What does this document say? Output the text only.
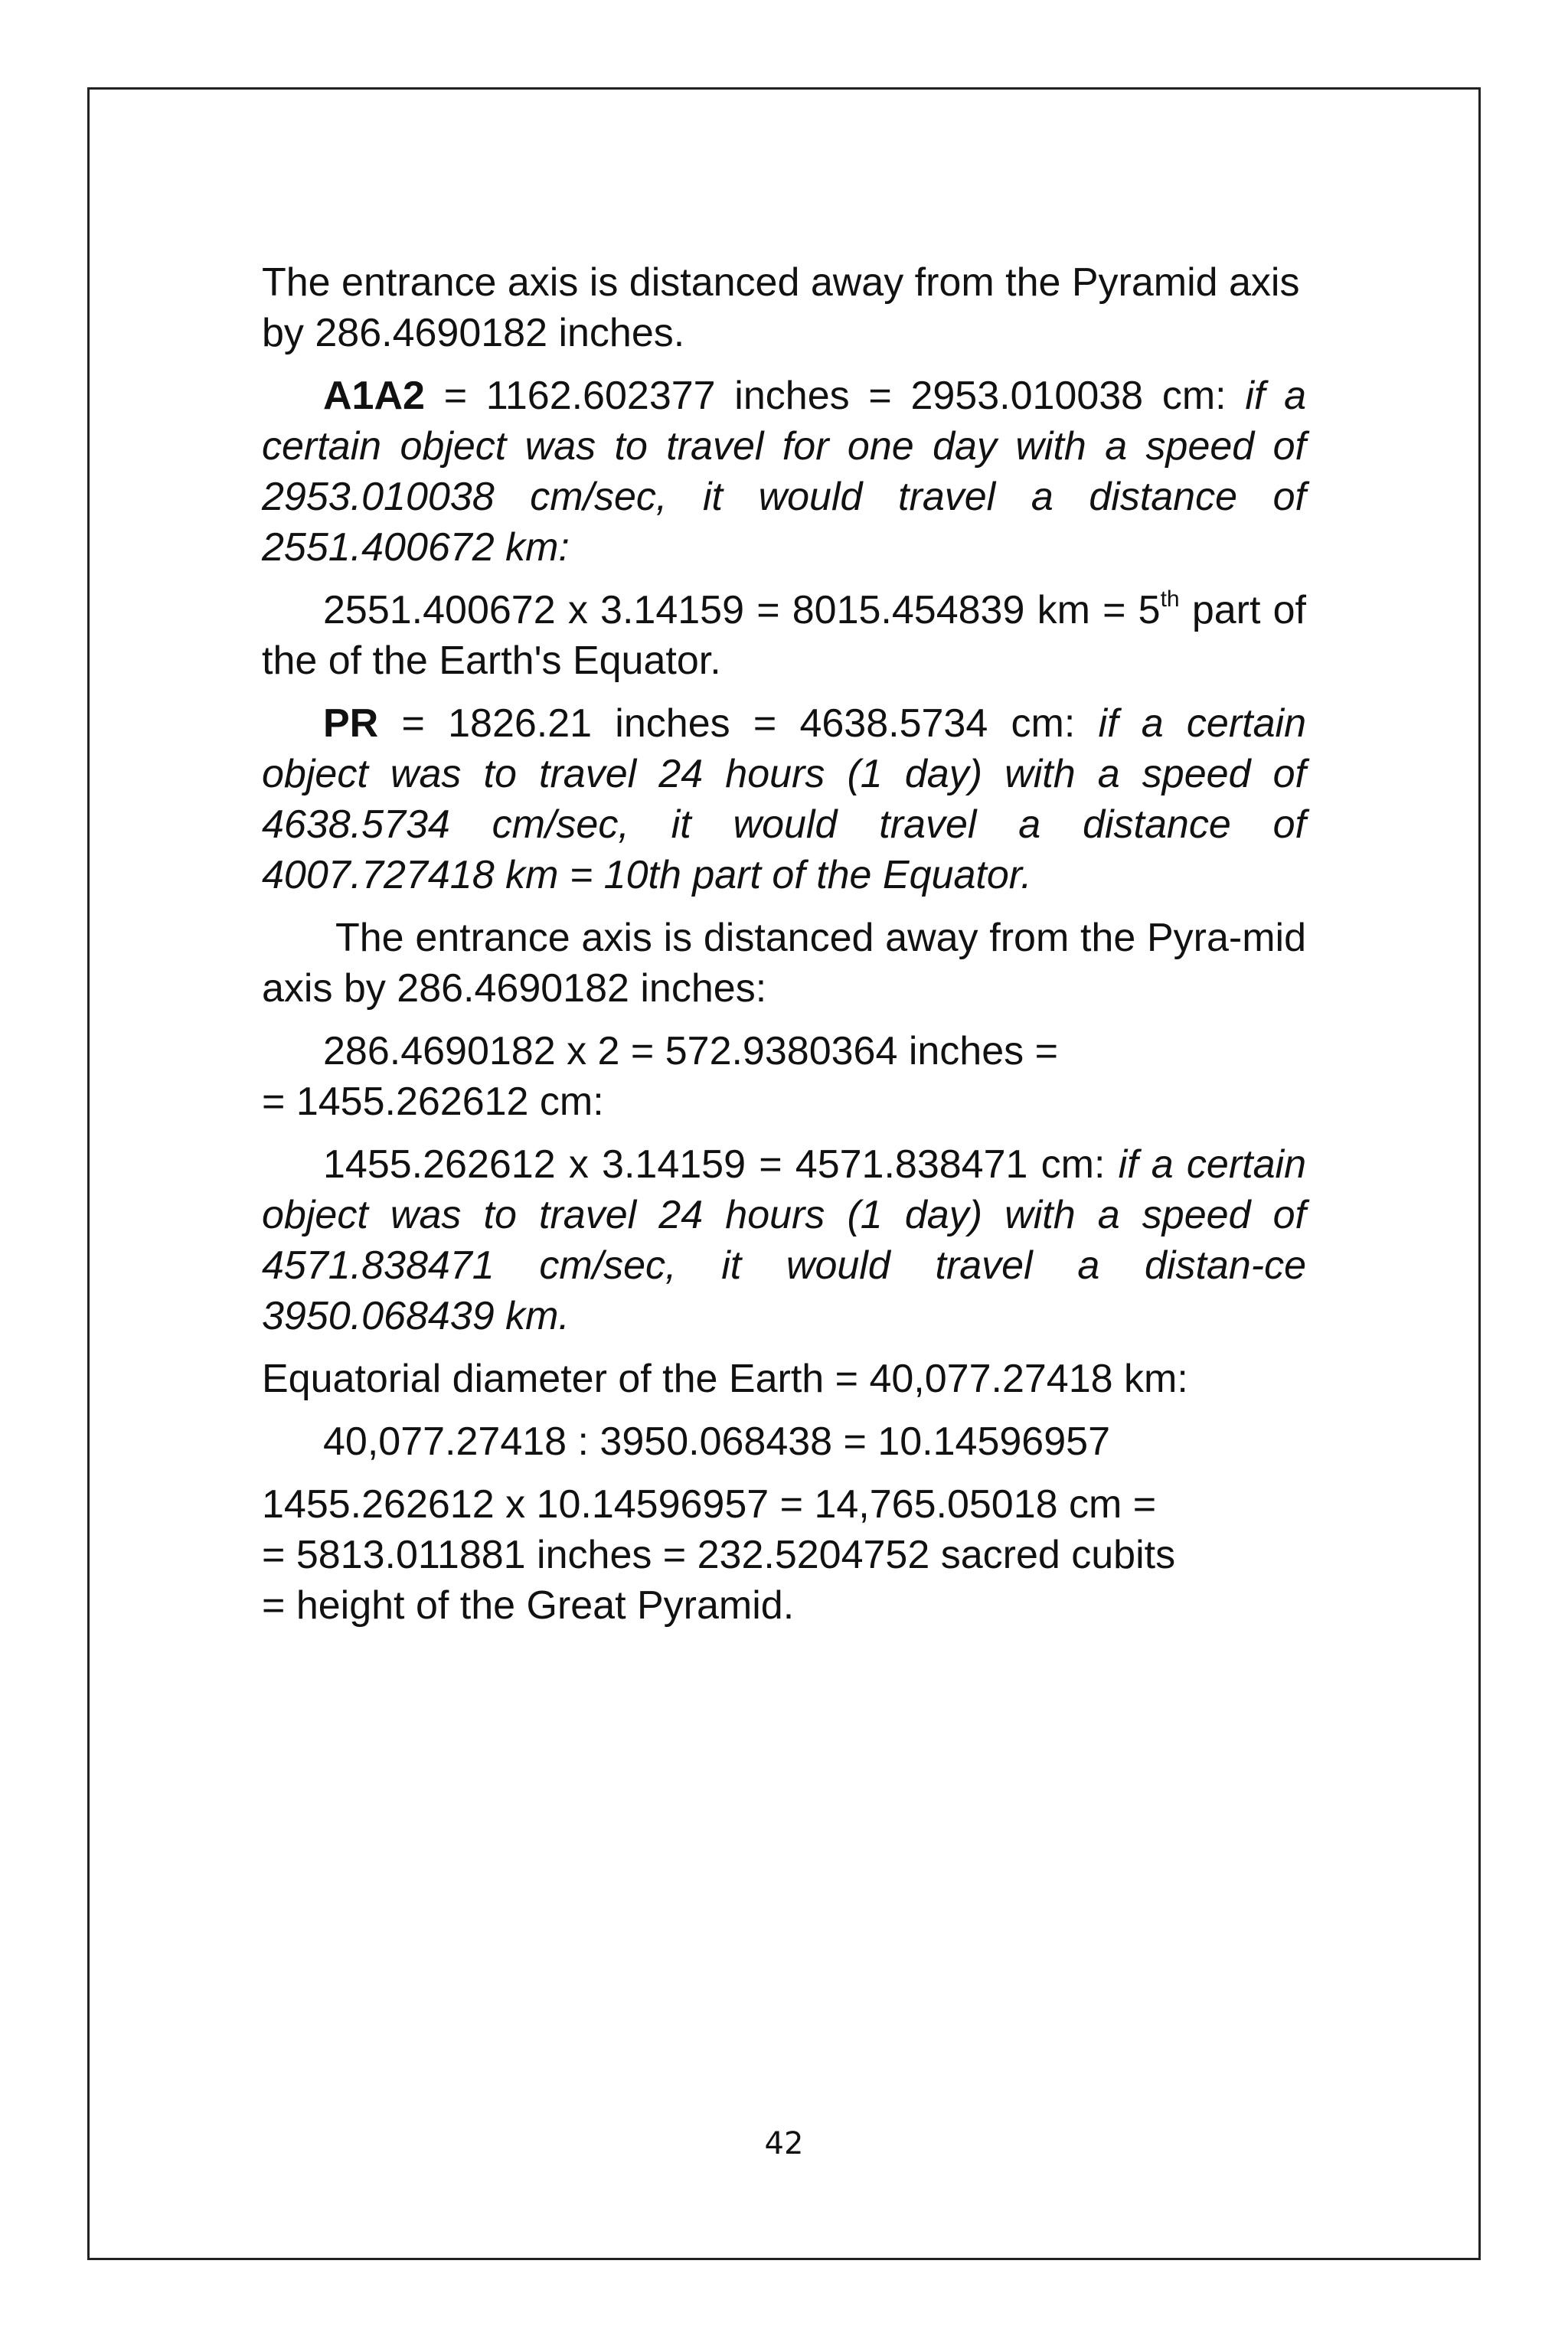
The entrance axis is distanced away from the Pyramid axis by 286.4690182 inches.

A1A2 = 1162.602377 inches = 2953.010038 cm: if a certain object was to travel for one day with a speed of 2953.010038 cm/sec, it would travel a distance of 2551.400672 km:

2551.400672 x 3.14159 = 8015.454839 km = 5th part of the of the Earth's Equator.

PR = 1826.21 inches = 4638.5734 cm: if a certain object was to travel 24 hours (1 day) with a speed of 4638.5734 cm/sec, it would travel a distance of 4007.727418 km = 10th part of the Equator.

The entrance axis is distanced away from the Pyra-mid axis by 286.4690182 inches:

286.4690182 x 2 = 572.9380364 inches =
= 1455.262612 cm:

1455.262612 x 3.14159 = 4571.838471 cm: if a certain object was to travel 24 hours (1 day) with a speed of 4571.838471 cm/sec, it would travel a distan-ce 3950.068439 km.

Equatorial diameter of the Earth = 40,077.27418 km:

40,077.27418 : 3950.068438 = 10.14596957

1455.262612 x 10.14596957 = 14,765.05018 cm =
= 5813.011881 inches = 232.5204752 sacred cubits
= height of the Great Pyramid.

42
